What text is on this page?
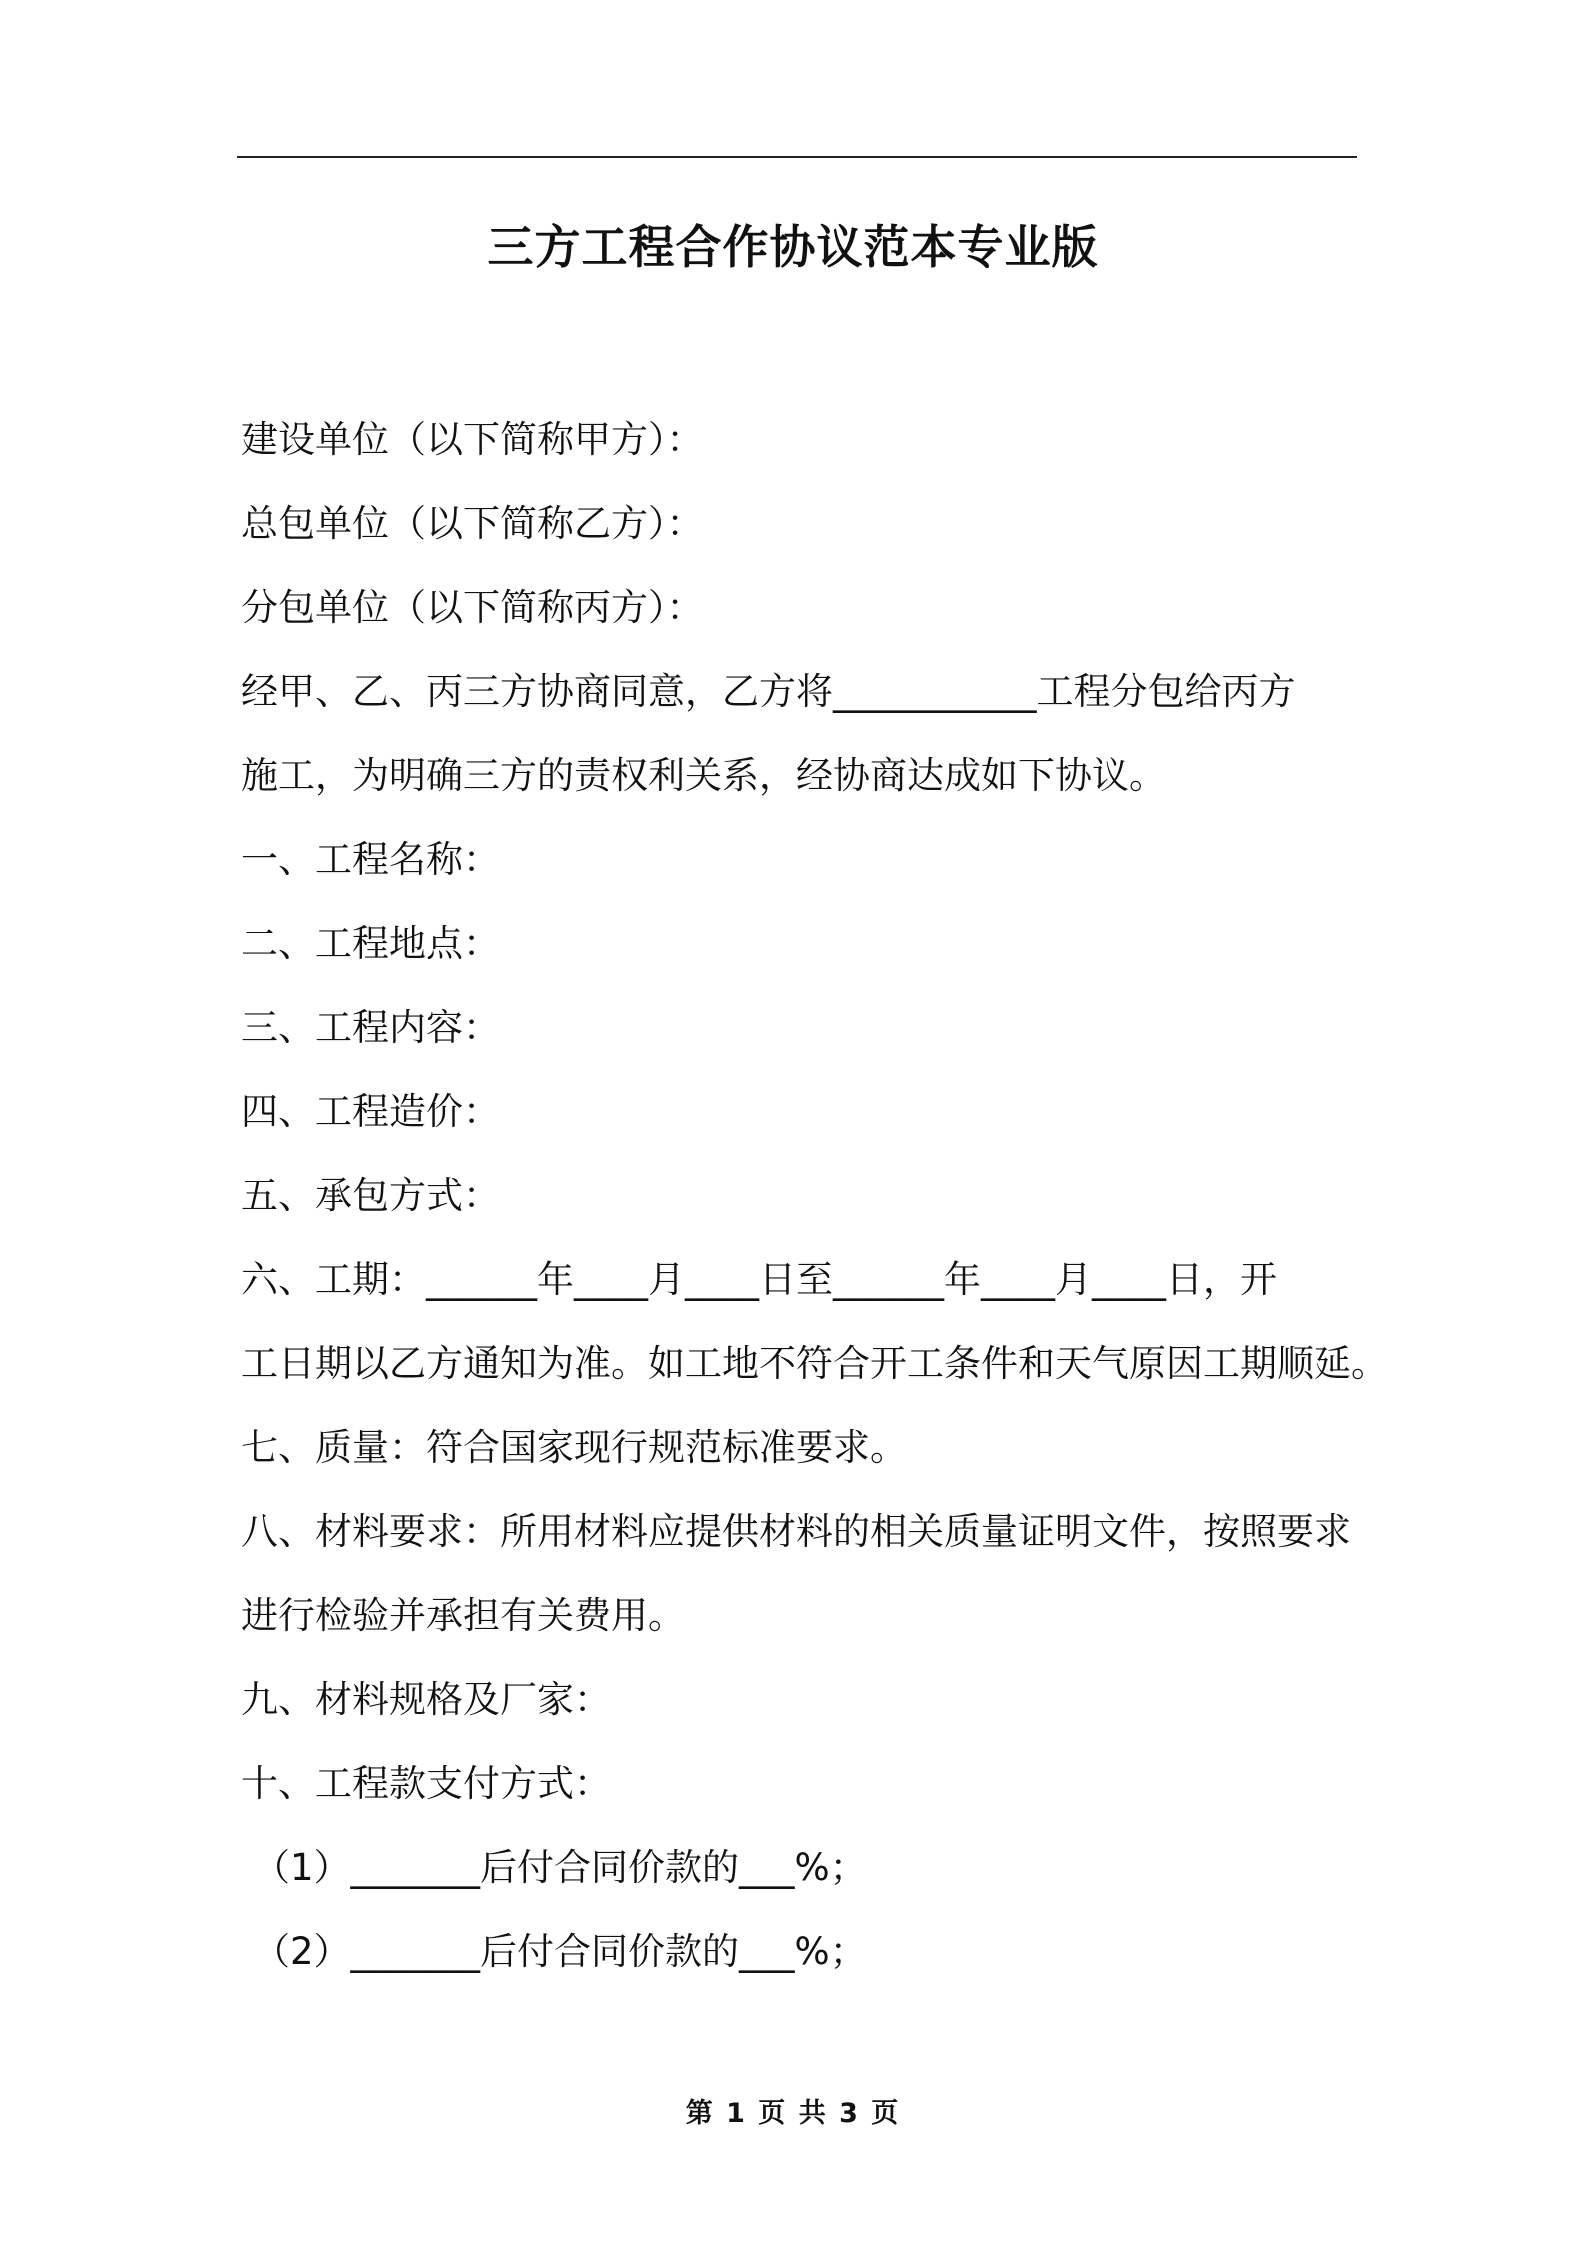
三方工程合作协议范本专业版
建设单位（以下简称甲方）：
总包单位（以下简称乙方）：
分包单位（以下简称丙方）：
经甲、乙、丙三方协商同意，乙方将___________工程分包给丙方
施工，为明确三方的责权利关系，经协商达成如下协议。
一、工程名称：
二、工程地点：
三、工程内容：
四、工程造价：
五、承包方式：
六、工期：______年____月____日至______年____月____日，开
工日期以乙方通知为准。如工地不符合开工条件和天气原因工期顺延。
七、质量：符合国家现行规范标准要求。
八、材料要求：所用材料应提供材料的相关质量证明文件，按照要求
进行检验并承担有关费用。
九、材料规格及厂家：
十、工程款支付方式：
（1）_______后付合同价款的___%；
（2）_______后付合同价款的___%；
第 1 页 共 3 页
